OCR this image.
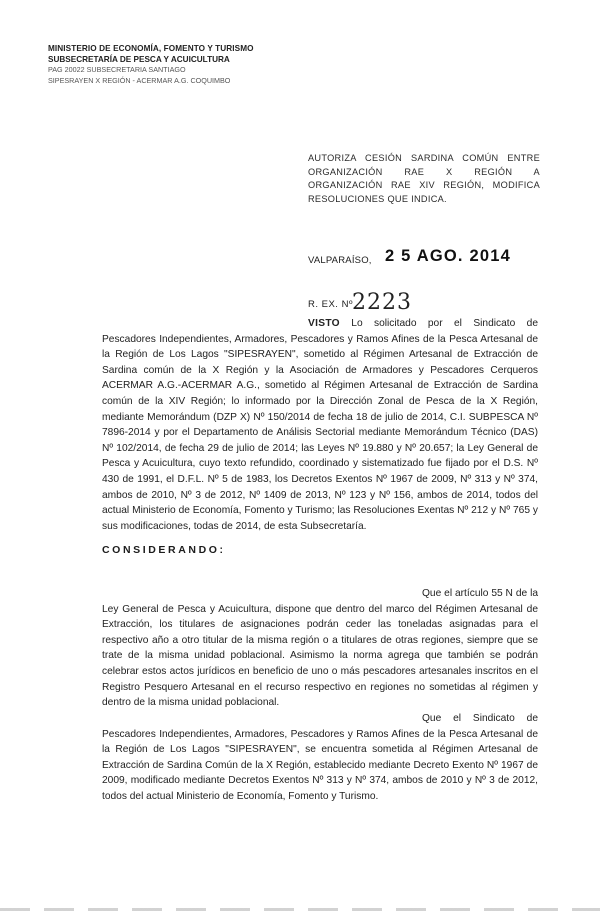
MINISTERIO DE ECONOMÍA, FOMENTO Y TURISMO
SUBSECRETARÍA DE PESCA Y ACUICULTURA
PAG 20022 SUBSECRETARIA SANTIAGO
SIPESRAYEN X REGIÓN - ACERMAR A.G. COQUIMBO
AUTORIZA CESIÓN SARDINA COMÚN ENTRE ORGANIZACIÓN RAE X REGIÓN A ORGANIZACIÓN RAE XIV REGIÓN, MODIFICA RESOLUCIONES QUE INDICA.
VALPARAÍSO, 2 5 AGO. 2014
R. EX. Nº 2223

VISTO Lo solicitado por el Sindicato de Pescadores Independientes, Armadores, Pescadores y Ramos Afines de la Pesca Artesanal de la Región de Los Lagos "SIPESRAYEN", sometido al Régimen Artesanal de Extracción de Sardina común de la X Región y la Asociación de Armadores y Pescadores Cerqueros ACERMAR A.G.-ACERMAR A.G., sometido al Régimen Artesanal de Extracción de Sardina común de la XIV Región; lo informado por la Dirección Zonal de Pesca de la X Región, mediante Memorándum (DZP X) Nº 150/2014 de fecha 18 de julio de 2014, C.I. SUBPESCA Nº 7896-2014 y por el Departamento de Análisis Sectorial mediante Memorándum Técnico (DAS) Nº 102/2014, de fecha 29 de julio de 2014; las Leyes Nº 19.880 y Nº 20.657; la Ley General de Pesca y Acuicultura, cuyo texto refundido, coordinado y sistematizado fue fijado por el D.S. Nº 430 de 1991, el D.F.L. Nº 5 de 1983, los Decretos Exentos Nº 1967 de 2009, Nº 313 y Nº 374, ambos de 2010, Nº 3 de 2012, Nº 1409 de 2013, Nº 123 y Nº 156, ambos de 2014, todos del actual Ministerio de Economía, Fomento y Turismo; las Resoluciones Exentas Nº 212 y Nº 765 y sus modificaciones, todas de 2014, de esta Subsecretaría.

CONSIDERANDO:

Que el artículo 55 N de la Ley General de Pesca y Acuicultura, dispone que dentro del marco del Régimen Artesanal de Extracción, los titulares de asignaciones podrán ceder las toneladas asignadas para el respectivo año a otro titular de la misma región o a titulares de otras regiones, siempre que se trate de la misma unidad poblacional. Asimismo la norma agrega que también se podrán celebrar estos actos jurídicos en beneficio de uno o más pescadores artesanales inscritos en el Registro Pesquero Artesanal en el recurso respectivo en regiones no sometidas al régimen y dentro de la misma unidad poblacional.

Que el Sindicato de Pescadores Independientes, Armadores, Pescadores y Ramos Afines de la Pesca Artesanal de la Región de Los Lagos "SIPESRAYEN", se encuentra sometida al Régimen Artesanal de Extracción de Sardina Común de la X Región, establecido mediante Decreto Exento Nº 1967 de 2009, modificado mediante Decretos Exentos Nº 313 y Nº 374, ambos de 2010 y Nº 3 de 2012, todos del actual Ministerio de Economía, Fomento y Turismo.
